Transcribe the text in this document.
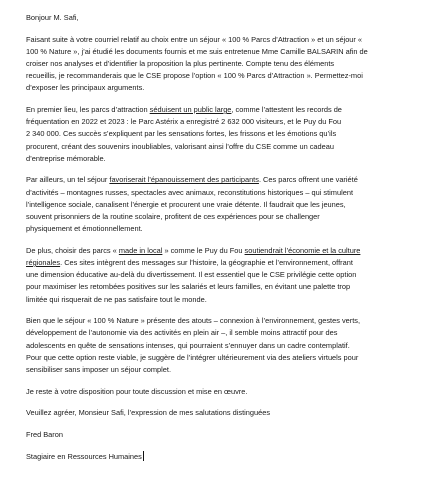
Bonjour M. Safi,

Faisant suite à votre courriel relatif au choix entre un séjour « 100 % Parcs d’Attraction » et un séjour «
100 % Nature », j’ai étudié les documents fournis et me suis entretenue Mme Camille BALSARIN afin de
croiser nos analyses et d’identifier la proposition la plus pertinente. Compte tenu des éléments
recueillis, je recommanderais que le CSE propose l’option « 100 % Parcs d’Attraction ». Permettez-moi
d’exposer les principaux arguments.

En premier lieu, les parcs d’attraction séduisent un public large, comme l’attestent les records de
fréquentation en 2022 et 2023 : le Parc Astérix a enregistré 2 632 000 visiteurs, et le Puy du Fou
2 340 000. Ces succès s’expliquent par les sensations fortes, les frissons et les émotions qu’ils
procurent, créant des souvenirs inoubliables, valorisant ainsi l’offre du CSE comme un cadeau
d’entreprise mémorable.

Par ailleurs, un tel séjour favoriserait l’épanouissement des participants. Ces parcs offrent une variété
d’activités – montagnes russes, spectacles avec animaux, reconstitutions historiques – qui stimulent
l’intelligence sociale, canalisent l’énergie et procurent une vraie détente. Il faudrait que les jeunes,
souvent prisonniers de la routine scolaire, profitent de ces expériences pour se challenger
physiquement et émotionnellement.

De plus, choisir des parcs « made in local » comme le Puy du Fou soutiendrait l’économie et la culture
régionales. Ces sites intègrent des messages sur l’histoire, la géographie et l’environnement, offrant
une dimension éducative au-delà du divertissement. Il est essentiel que le CSE privilégie cette option
pour maximiser les retombées positives sur les salariés et leurs familles, en évitant une palette trop
limitée qui risquerait de ne pas satisfaire tout le monde.

Bien que le séjour « 100 % Nature » présente des atouts – connexion à l’environnement, gestes verts,
développement de l’autonomie via des activités en plein air –, il semble moins attractif pour des
adolescents en quête de sensations intenses, qui pourraient s’ennuyer dans un cadre contemplatif.
Pour que cette option reste viable, je suggère de l’intégrer ultérieurement via des ateliers virtuels pour
sensibiliser sans imposer un séjour complet.

Je reste à votre disposition pour toute discussion et mise en œuvre.

Veuillez agréer, Monsieur Safi, l’expression de mes salutations distinguées

Fred Baron

Stagiaire en Ressources Humaines
